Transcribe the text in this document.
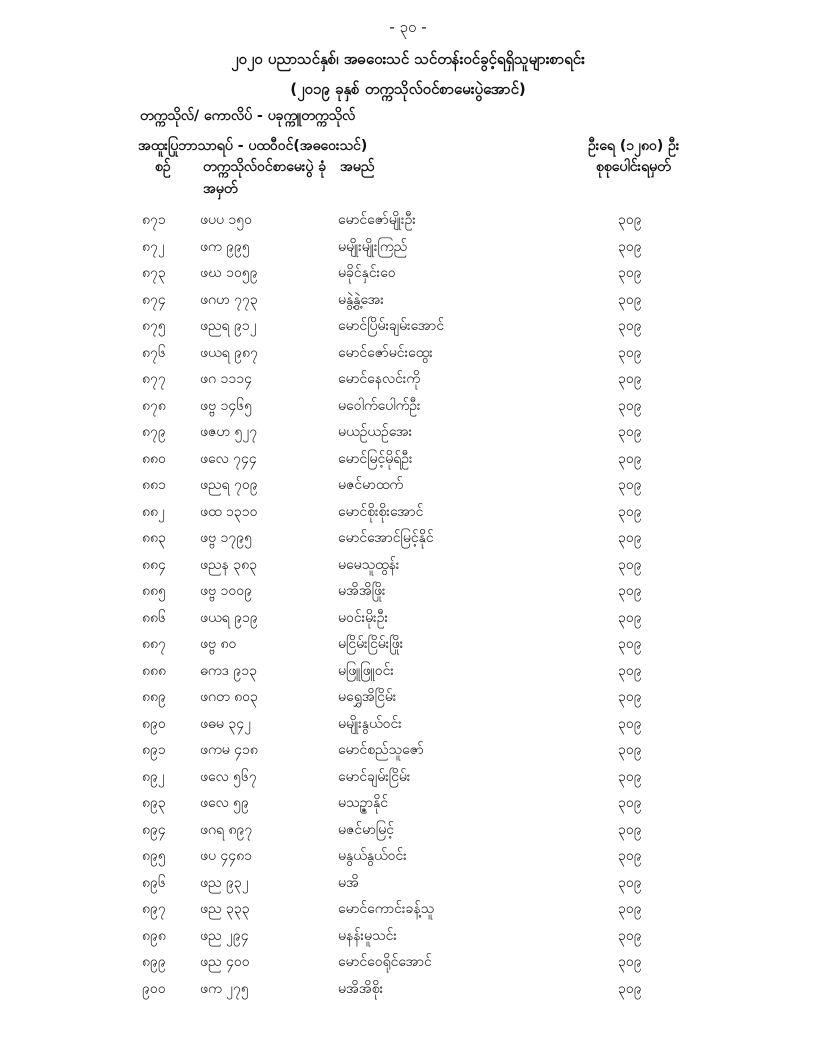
- ၃၀ -
၂၀၂၀ ပညာသင်နှစ်၊ အဓဝေးသင် သင်တန်းဝင်ခွင့်ရရှိသူများစာရင်း
(၂၀၁၉ ခုနှစ် တက္ကသိုလ်ဝင်စာမေးပွဲအောင်)
တက္ကသိုလ်/ ကောလိပ် - ပခုက္ကူတက္ကသိုလ်
အထူးပြုဘာသာရပ် - ပထဝီဝင်(အဓဝေးသင်)	ဦးရေ (၁၂၈၀) ဦး
စဉ် တက္ကသိုလ်ဝင်စာမေးပွဲ ခုံအမှတ်
အမည်	စုစုပေါင်းရမှတ်
၈၇၁ ဖပပ ၁၅၀	မောင်ဇော်မျိုးဦး	၃၀၉
၈၇၂	ဖက ၉၉၅	မမျိုးမျိုးကြည်	၃၀၉
၈၇၃ ဖဃ ၁၀၅၉	မခိုင်နှင်းဝေ	၃၀၉
၈၇၄ ဖဂဟ ၇၇၃	မနွဲ့နွဲ့အေး	၃၀၉
၈၇၅ ဖညရ ၉၁၂	မောင်ပြိမ်းချမ်းအောင်	၃၀၉
၈၇၆ ဖယရ ၉၈၇	မောင်ဇော်မင်းထွေး	၃၀၉
၈၇၇ ဖဂ ၁၁၁၄	မောင်နေလင်းကို	၃၀၉
၈၇၈ ဖဗ္ဗ ၁၄၆၅	မဝေါက်ပေါက်ဦး	၃၀၉
၈၇၉ ဖဇဟ ၅၂၇	မယဉ်ယဉ်အေး	၃၀၉
၈၈၀ ဖလေ ၇၄၄	မောင်မြင့်မိုရ်ဦး	၃၀၉
၈၈၁ ဖညရ ၇၀၉	မဇင်မာထက်	၃၀၉
၈၈၂	ဖထ ၁၃၁၀	မောင်စိုးစိုးအောင်	၃၀၉
၈၈၃ ဖဗ္ဗ ၁၇၉၅	မောင်အောင်မြင့်နိုင်	၃၀၉
၈၈၄ ဖညန ၃၈၃	မမေသူထွန်း	၃၀၉
၈၈၅ ဖဗ္ဗ ၁၀၀၉	မအိအိဖြိုး	၃၀၉
၈၈၆ ဖယရ ၉၁၉	မဝင်းမိုးဦး	၃၀၉
၈၈၇ ဖဗ္ဗ ၈၀	မငြိမ်းငြိမ်းဖြိုး	၃၀၉
၈၈၈ ဓကဒ ၉၁၃	မဖြူဖြူဝင်း	၃၀၉
၈၈၉ ဖဂတ ၈၀၃	မရွှေအိငြိမ်း	၃၀၉
၈၉၀ ဖဓမ ၃၄၂	မမျိုးနွယ်ဝင်း	၃၀၉
၈၉၁ ဖကမ ၄၁၈	မောင်စည်သူဇော်	၃၀၉
၈၉၂	ဖလေ ၅၆၇	မောင်ချမ်းငြိမ်း	၃၀၉
၈၉၃ ဖလေ ၅၉	မသဉ္ဇာနိုင်	၃၀၉
၈၉၄ ဖဂရ ၈၉၇	မဇင်မာမြင့်	၃၀၉
၈၉၅ ဖပ ၄၄၈၁	မနွယ်နွယ်ဝင်း	၃၀၉
၈၉၆ ဖည ၉၃၂	မအိ	၃၀၉
၈၉၇ ဖည ၃၃၃	မောင်ကောင်းခန့်သူ	၃၀၉
၈၉၈ ဖည ၂၉၄	မနန်းမူသင်း	၃၀၉
၈၉၉ ဖည ၄၀၀	မောင်ဝေရိုင်အောင်	၃၀၉
၉၀၀ ဖက ၂၇၅	မအိအိစိုး	၃၀၉
